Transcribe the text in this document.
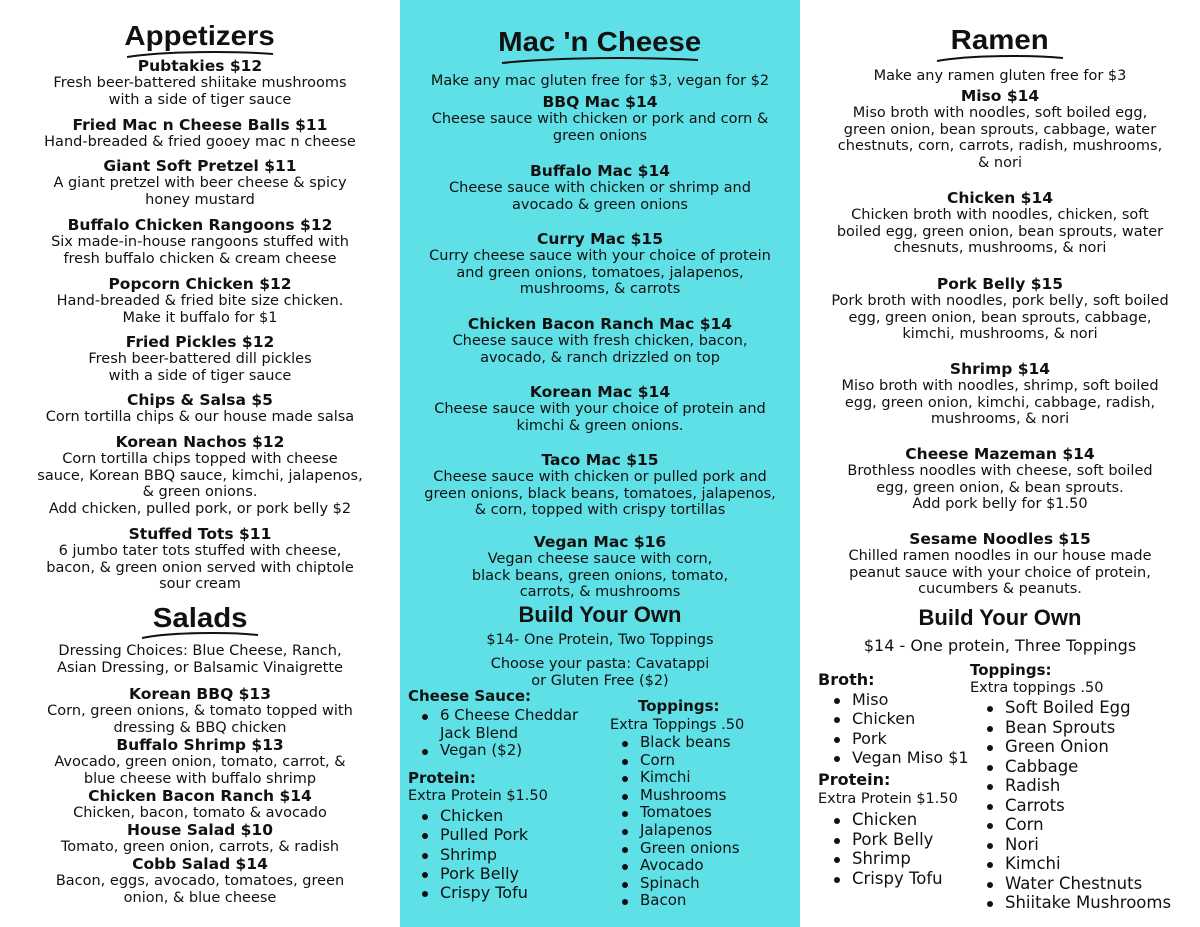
Appetizers
Pubtakies $12
Fresh beer-battered shiitake mushrooms
with a side of tiger sauce
Fried Mac n Cheese Balls $11
Hand-breaded & fried gooey mac n cheese
Giant Soft Pretzel $11
A giant pretzel with beer cheese & spicy
honey mustard
Buffalo Chicken Rangoons $12
Six made-in-house rangoons stuffed with
fresh buffalo chicken & cream cheese
Popcorn Chicken $12
Hand-breaded & fried bite size chicken.
Make it buffalo for $1
Fried Pickles $12
Fresh beer-battered dill pickles
with a side of tiger sauce
Chips & Salsa $5
Corn tortilla chips & our house made salsa
Korean Nachos $12
Corn tortilla chips topped with cheese
sauce, Korean BBQ sauce, kimchi, jalapenos,
& green onions.
Add chicken, pulled pork, or pork belly $2
Stuffed Tots $11
6 jumbo tater tots stuffed with cheese,
bacon, & green onion served with chiptole
sour cream
Salads
Dressing Choices: Blue Cheese, Ranch,
Asian Dressing, or Balsamic Vinaigrette
Korean BBQ $13
Corn, green onions, & tomato topped with
dressing & BBQ chicken
Buffalo Shrimp $13
Avocado, green onion, tomato, carrot, &
blue cheese with buffalo shrimp
Chicken Bacon Ranch $14
Chicken, bacon, tomato & avocado
House Salad $10
Tomato, green onion, carrots, & radish
Cobb Salad $14
Bacon, eggs, avocado, tomatoes, green
onion, & blue cheese
Mac 'n Cheese
Make any mac gluten free for $3, vegan for $2
BBQ Mac $14
Cheese sauce with chicken or pork and corn &
green onions
Buffalo Mac $14
Cheese sauce with chicken or shrimp and
avocado & green onions
Curry Mac $15
Curry cheese sauce with your choice of protein
and green onions, tomatoes, jalapenos,
mushrooms, & carrots
Chicken Bacon Ranch Mac $14
Cheese sauce with fresh chicken, bacon,
avocado, & ranch drizzled on top
Korean Mac $14
Cheese sauce with your choice of protein and
kimchi & green onions.
Taco Mac $15
Cheese sauce with chicken or pulled pork and
green onions, black beans, tomatoes, jalapenos,
& corn, topped with crispy tortillas
Vegan Mac $16
Vegan cheese sauce with corn,
black beans, green onions, tomato,
carrots, & mushrooms
Build Your Own
$14- One Protein, Two Toppings
Choose your pasta: Cavatappi
or Gluten Free ($2)
Cheese Sauce:
6 Cheese Cheddar Jack Blend
Vegan ($2)
Protein:
Extra Protein $1.50
Chicken
Pulled Pork
Shrimp
Pork Belly
Crispy Tofu
Toppings:
Extra Toppings .50
Black beans
Corn
Kimchi
Mushrooms
Tomatoes
Jalapenos
Green onions
Avocado
Spinach
Bacon
Ramen
Make any ramen gluten free for $3
Miso $14
Miso broth with noodles, soft boiled egg,
green onion, bean sprouts, cabbage, water
chestnuts, corn, carrots, radish, mushrooms,
& nori
Chicken $14
Chicken broth with noodles, chicken, soft
boiled egg, green onion, bean sprouts, water
chesnuts, mushrooms, & nori
Pork Belly $15
Pork broth with noodles, pork belly, soft boiled
egg, green onion, bean sprouts, cabbage,
kimchi, mushrooms, & nori
Shrimp $14
Miso broth with noodles, shrimp, soft boiled
egg, green onion, kimchi, cabbage, radish,
mushrooms, & nori
Cheese Mazeman $14
Brothless noodles with cheese, soft boiled
egg, green onion, & bean sprouts.
Add pork belly for $1.50
Sesame Noodles $15
Chilled ramen noodles in our house made
peanut sauce with your choice of protein,
cucumbers & peanuts.
Build Your Own
$14 - One protein, Three Toppings
Broth:
Miso
Chicken
Pork
Vegan Miso $1
Protein:
Extra Protein $1.50
Chicken
Pork Belly
Shrimp
Crispy Tofu
Toppings:
Extra toppings .50
Soft Boiled Egg
Bean Sprouts
Green Onion
Cabbage
Radish
Carrots
Corn
Nori
Kimchi
Water Chestnuts
Shiitake Mushrooms
